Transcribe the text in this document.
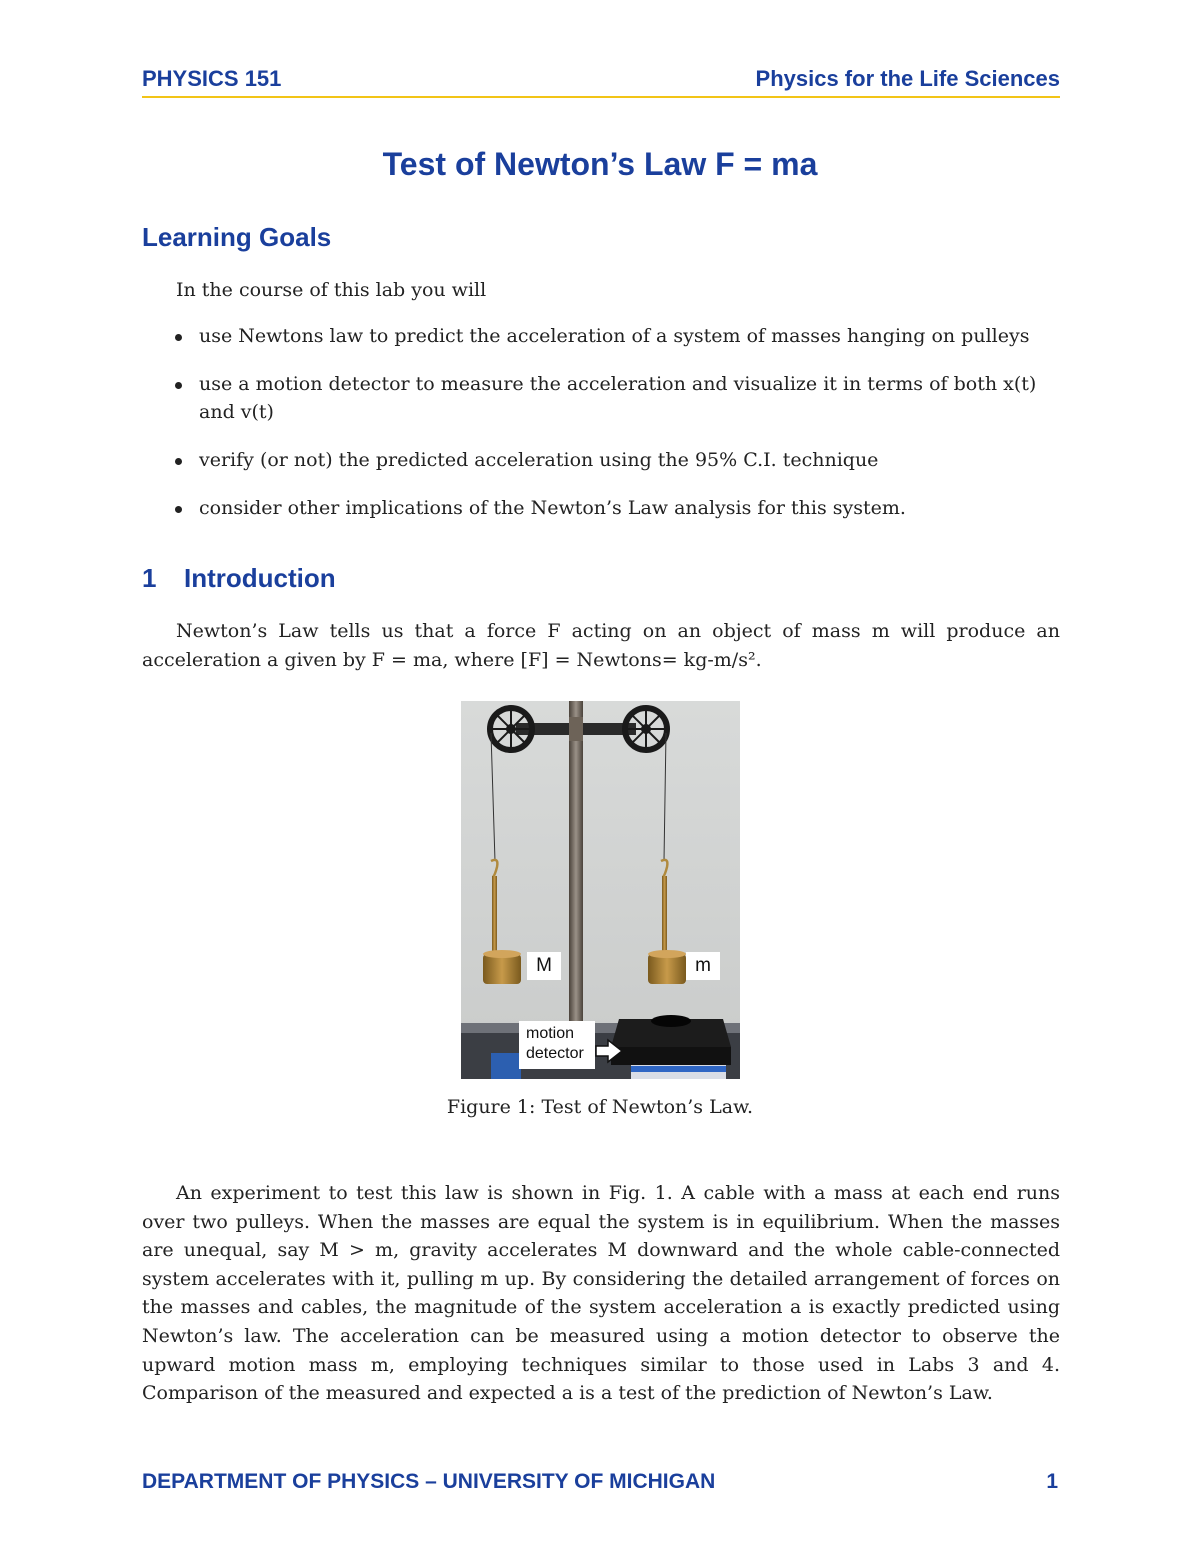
PHYSICS 151	Physics for the Life Sciences
Test of Newton’s Law F = ma
Learning Goals
In the course of this lab you will
use Newtons law to predict the acceleration of a system of masses hanging on pulleys
use a motion detector to measure the acceleration and visualize it in terms of both x(t) and v(t)
verify (or not) the predicted acceleration using the 95% C.I. technique
consider other implications of the Newton’s Law analysis for this system.
1 Introduction
Newton’s Law tells us that a force F acting on an object of mass m will produce an acceleration a given by F = ma, where [F] = Newtons= kg-m/s².
M	m
motion
detector
Figure 1: Test of Newton’s Law.
An experiment to test this law is shown in Fig. 1. A cable with a mass at each end runs over two pulleys. When the masses are equal the system is in equilibrium. When the masses are unequal, say M > m, gravity accelerates M downward and the whole cable-connected system accelerates with it, pulling m up. By considering the detailed arrangement of forces on the masses and cables, the magnitude of the system acceleration a is exactly predicted using Newton’s law. The acceleration can be measured using a motion detector to observe the upward motion mass m, employing techniques similar to those used in Labs 3 and 4. Comparison of the measured and expected a is a test of the prediction of Newton’s Law.
DEPARTMENT OF PHYSICS – UNIVERSITY OF MICHIGAN	1
